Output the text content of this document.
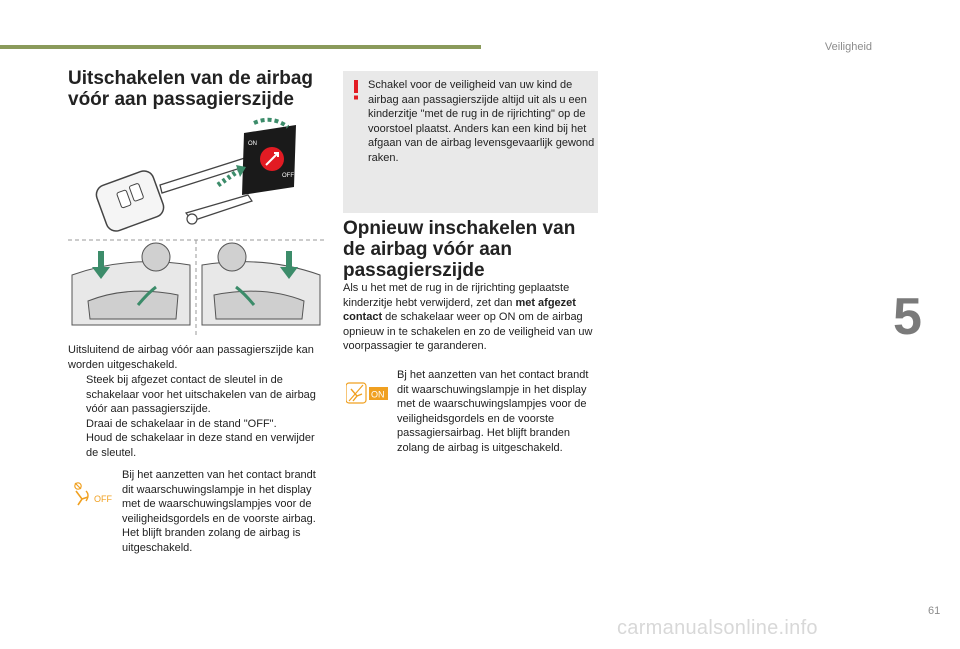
Veiligheid
Uitschakelen van de airbag vóór aan passagierszijde
ON
OFF

Uitsluitend de airbag vóór aan passagierszijde kan worden uitgeschakeld.

Steek bij afgezet contact de sleutel in de schakelaar voor het uitschakelen van de airbag vóór aan passagierszijde.
Draai de schakelaar in de stand "OFF".
Houd de schakelaar in deze stand en verwijder de sleutel.
OFF

Bij het aanzetten van het contact brandt dit waarschuwingslampje in het display met de waarschuwingslampjes voor de veiligheidsgordels en de voorste airbag. Het blijft branden zolang de airbag is uitgeschakeld.

Schakel voor de veiligheid van uw kind de airbag aan passagierszijde altijd uit als u een kinderzitje "met de rug in de rijrichting" op de voorstoel plaatst. Anders kan een kind bij het afgaan van de airbag levensgevaarlijk gewond raken.

Opnieuw inschakelen van de airbag vóór aan passagierszijde

Als u het met de rug in de rijrichting geplaatste kinderzitje hebt verwijderd, zet dan met afgezet contact de schakelaar weer op ON om de airbag opnieuw in te schakelen en zo de veiligheid van uw voorpassagier te garanderen.

ON

Bj het aanzetten van het contact brandt dit waarschuwingslampje in het display met de waarschuwingslampjes voor de veiligheidsgordels en de voorste passagiersairbag. Het blijft branden zolang de airbag is uitgeschakeld.

5
61
carmanualsonline.info
